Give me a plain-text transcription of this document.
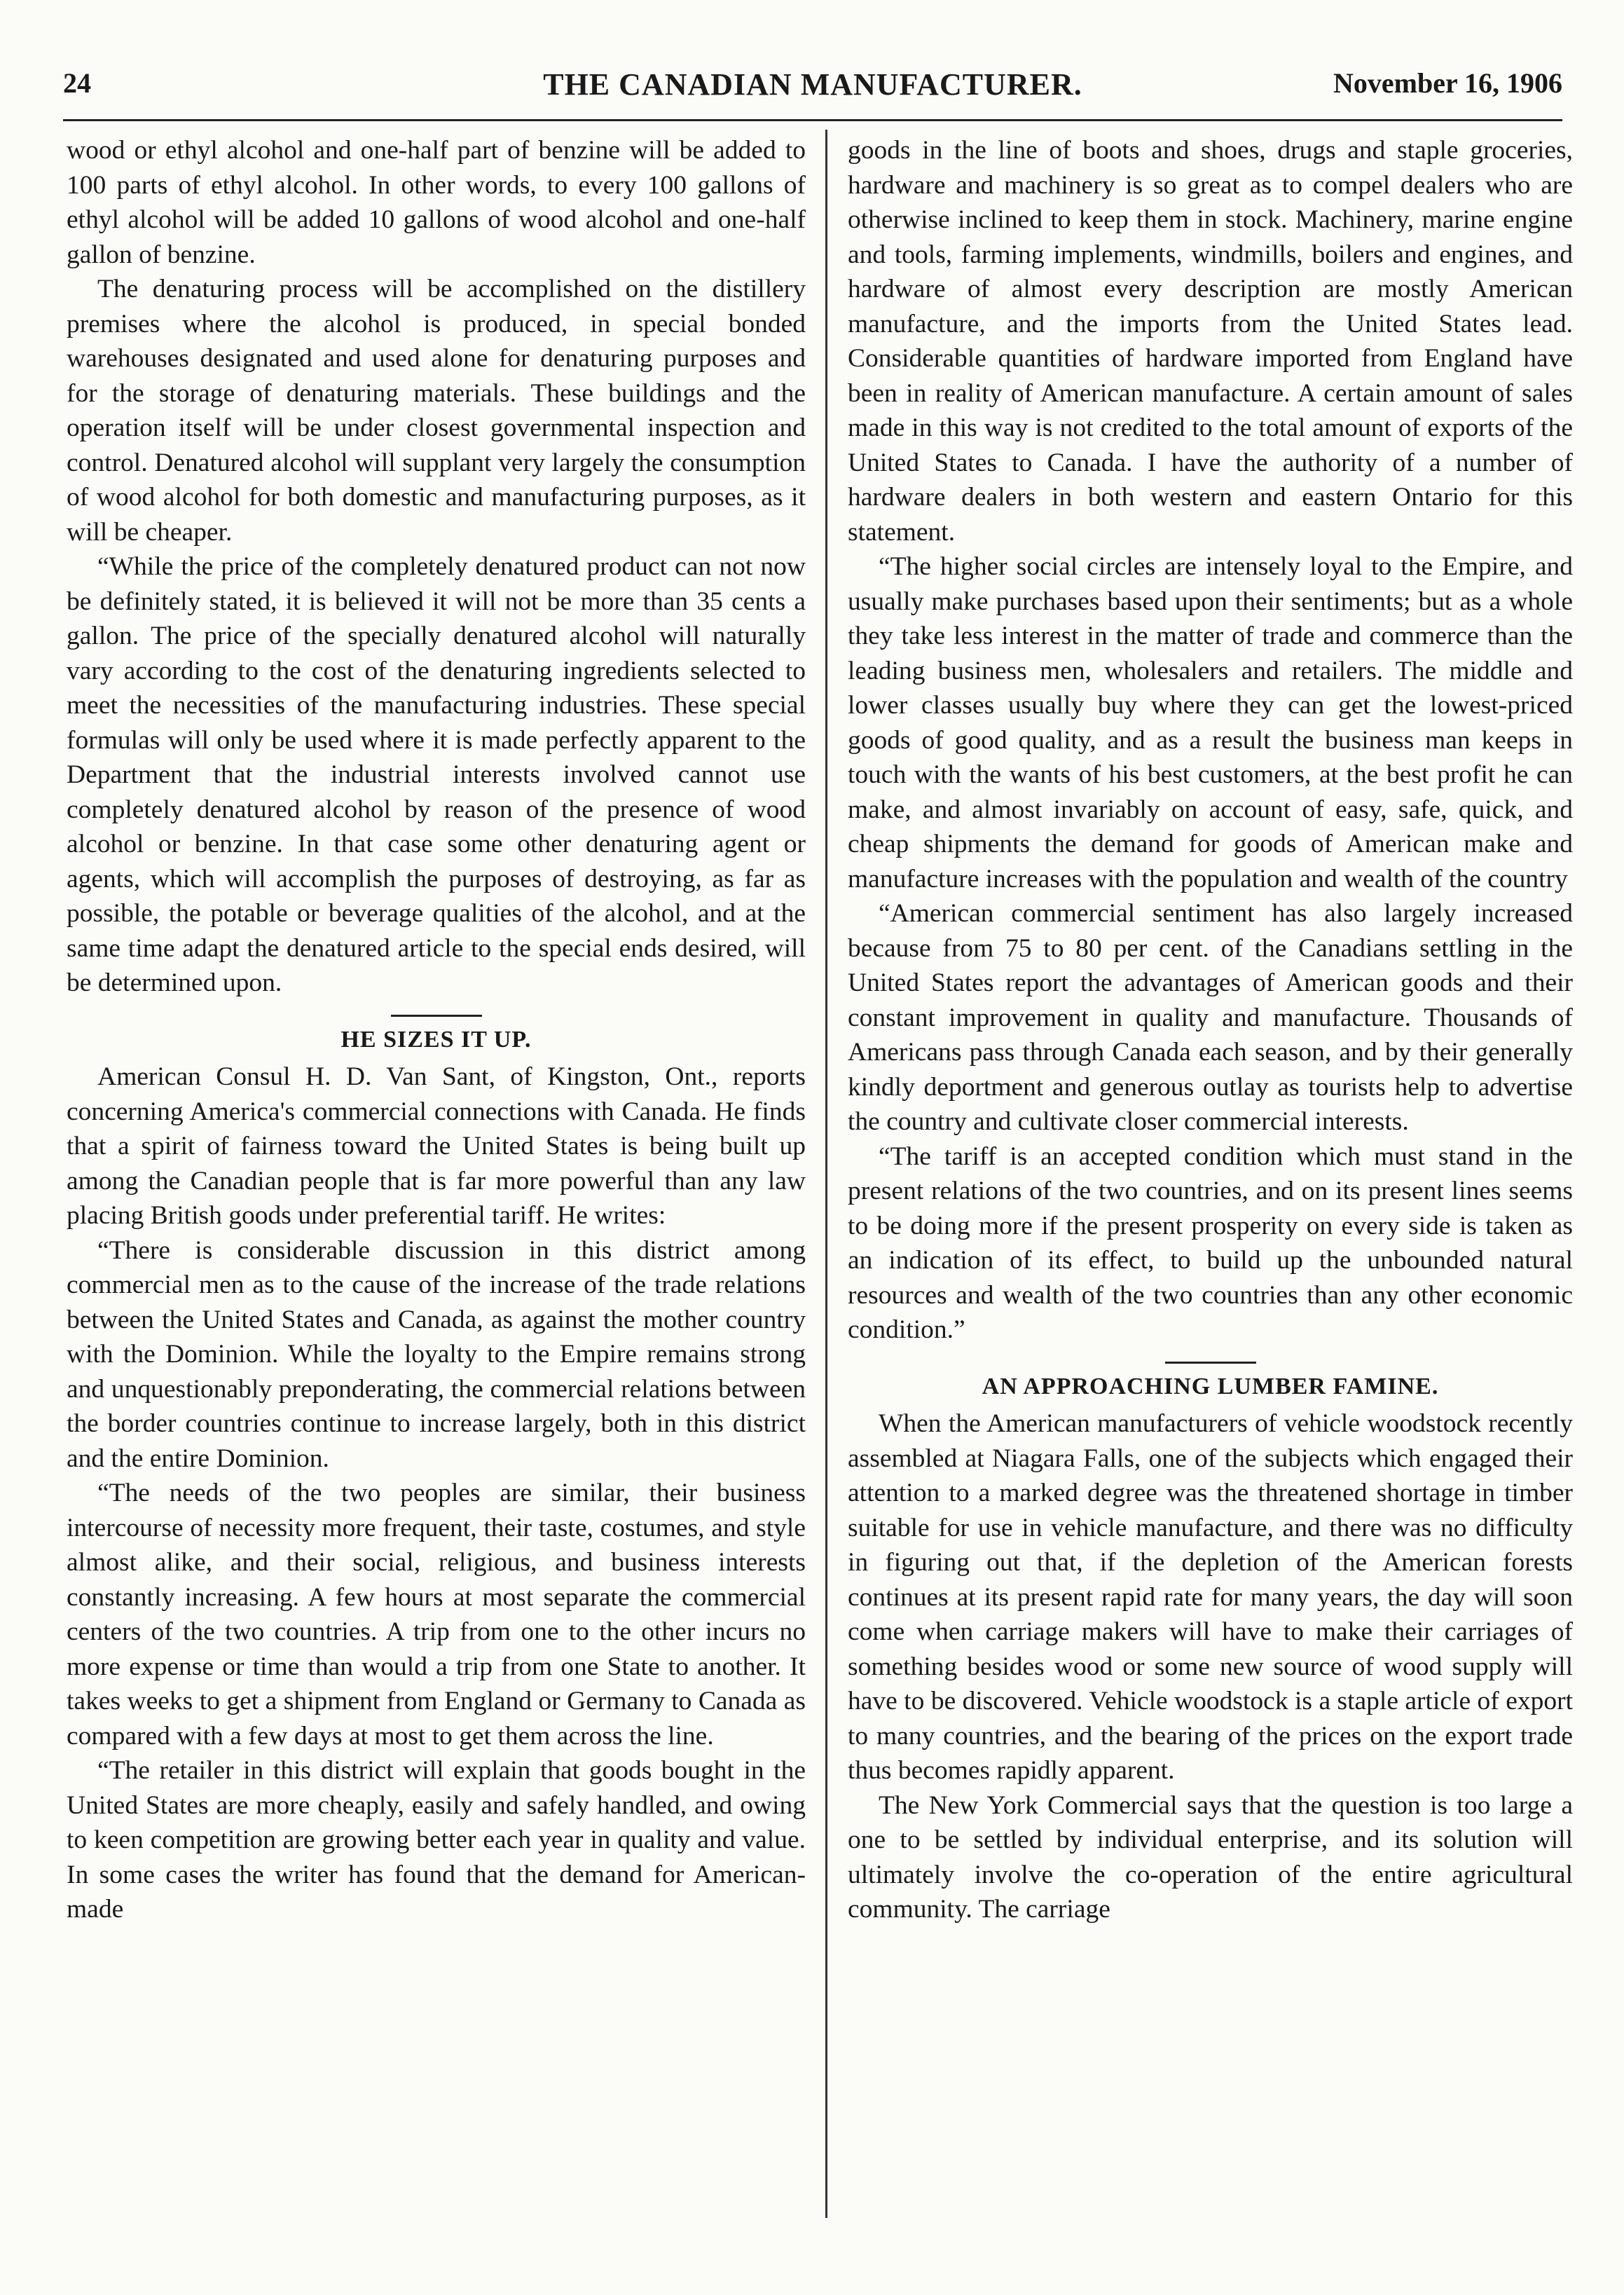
24	THE CANADIAN MANUFACTURER.	November 16, 1906

wood or ethyl alcohol and one-half part of benzine will be added to 100 parts of ethyl alcohol. In other words, to every 100 gallons of ethyl alcohol will be added 10 gallons of wood alcohol and one-half gallon of benzine.

The denaturing process will be accomplished on the distillery premises where the alcohol is produced, in special bonded warehouses designated and used alone for denaturing purposes and for the storage of denaturing materials. These buildings and the operation itself will be under closest governmental inspection and control. Denatured alcohol will supplant very largely the consumption of wood alcohol for both domestic and manufacturing purposes, as it will be cheaper.

“While the price of the completely denatured product can not now be definitely stated, it is believed it will not be more than 35 cents a gallon. The price of the specially denatured alcohol will naturally vary according to the cost of the denaturing ingredients selected to meet the necessities of the manufacturing industries. These special formulas will only be used where it is made perfectly apparent to the Department that the industrial interests involved cannot use completely denatured alcohol by reason of the presence of wood alcohol or benzine. In that case some other denaturing agent or agents, which will accomplish the purposes of destroying, as far as possible, the potable or beverage qualities of the alcohol, and at the same time adapt the denatured article to the special ends desired, will be determined upon.

HE SIZES IT UP.

American Consul H. D. Van Sant, of Kingston, Ont., reports concerning America's commercial connections with Canada. He finds that a spirit of fairness toward the United States is being built up among the Canadian people that is far more powerful than any law placing British goods under preferential tariff. He writes:

“There is considerable discussion in this district among commercial men as to the cause of the increase of the trade relations between the United States and Canada, as against the mother country with the Dominion. While the loyalty to the Empire remains strong and unquestionably preponderating, the commercial relations between the border countries continue to increase largely, both in this district and the entire Dominion.

“The needs of the two peoples are similar, their business intercourse of necessity more frequent, their taste, costumes, and style almost alike, and their social, religious, and business interests constantly increasing. A few hours at most separate the commercial centers of the two countries. A trip from one to the other incurs no more expense or time than would a trip from one State to another. It takes weeks to get a shipment from England or Germany to Canada as compared with a few days at most to get them across the line.

“The retailer in this district will explain that goods bought in the United States are more cheaply, easily and safely handled, and owing to keen competition are growing better each year in quality and value. In some cases the writer has found that the demand for American-made

goods in the line of boots and shoes, drugs and staple groceries, hardware and machinery is so great as to compel dealers who are otherwise inclined to keep them in stock. Machinery, marine engine and tools, farming implements, windmills, boilers and engines, and hardware of almost every description are mostly American manufacture, and the imports from the United States lead. Considerable quantities of hardware imported from England have been in reality of American manufacture. A certain amount of sales made in this way is not credited to the total amount of exports of the United States to Canada. I have the authority of a number of hardware dealers in both western and eastern Ontario for this statement.

“The higher social circles are intensely loyal to the Empire, and usually make purchases based upon their sentiments; but as a whole they take less interest in the matter of trade and commerce than the leading business men, wholesalers and retailers. The middle and lower classes usually buy where they can get the lowest-priced goods of good quality, and as a result the business man keeps in touch with the wants of his best customers, at the best profit he can make, and almost invariably on account of easy, safe, quick, and cheap shipments the demand for goods of American make and manufacture increases with the population and wealth of the country

“American commercial sentiment has also largely increased because from 75 to 80 per cent. of the Canadians settling in the United States report the advantages of American goods and their constant improvement in quality and manufacture. Thousands of Americans pass through Canada each season, and by their generally kindly deportment and generous outlay as tourists help to advertise the country and cultivate closer commercial interests.

“The tariff is an accepted condition which must stand in the present relations of the two countries, and on its present lines seems to be doing more if the present prosperity on every side is taken as an indication of its effect, to build up the unbounded natural resources and wealth of the two countries than any other economic condition.”

AN APPROACHING LUMBER FAMINE.

When the American manufacturers of vehicle woodstock recently assembled at Niagara Falls, one of the subjects which engaged their attention to a marked degree was the threatened shortage in timber suitable for use in vehicle manufacture, and there was no difficulty in figuring out that, if the depletion of the American forests continues at its present rapid rate for many years, the day will soon come when carriage makers will have to make their carriages of something besides wood or some new source of wood supply will have to be discovered. Vehicle woodstock is a staple article of export to many countries, and the bearing of the prices on the export trade thus becomes rapidly apparent.

The New York Commercial says that the question is too large a one to be settled by individual enterprise, and its solution will ultimately involve the co-operation of the entire agricultural community. The carriage
